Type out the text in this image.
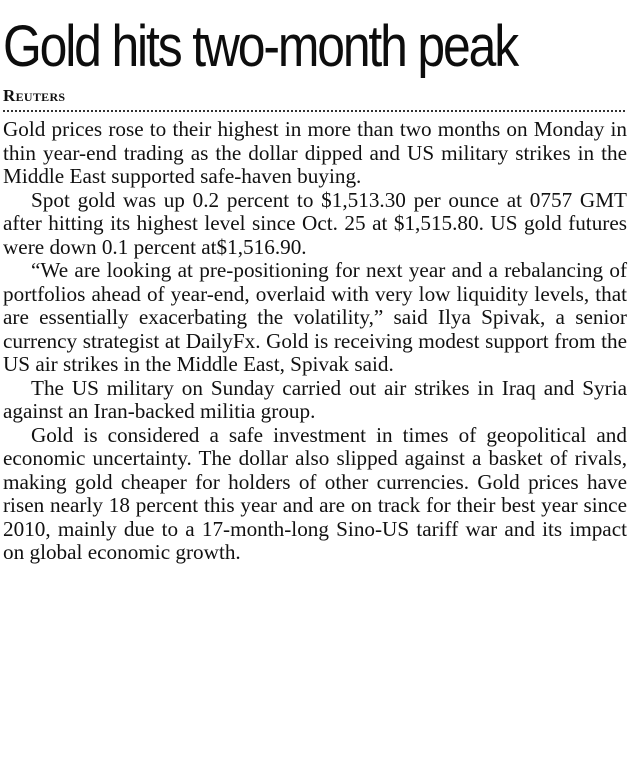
Gold hits two-month peak
Reuters

Gold prices rose to their highest in more than two months on Monday in thin year-end trading as the dollar dipped and US military strikes in the Middle East supported safe-haven buying.

Spot gold was up 0.2 percent to $1,513.30 per ounce at 0757 GMT after hitting its highest level since Oct. 25 at $1,515.80. US gold futures were down 0.1 percent at$1,516.90.

“We are looking at pre-positioning for next year and a rebalancing of portfolios ahead of year-end, overlaid with very low liquidity levels, that are essentially exacerbating the volatility,” said Ilya Spivak, a senior currency strategist at DailyFx. Gold is receiving modest support from the US air strikes in the Middle East, Spivak said.

The US military on Sunday carried out air strikes in Iraq and Syria against an Iran-backed militia group.

Gold is considered a safe investment in times of geopolitical and economic uncertainty. The dollar also slipped against a basket of rivals, making gold cheaper for holders of other currencies. Gold prices have risen nearly 18 percent this year and are on track for their best year since 2010, mainly due to a 17-month-long Sino-US tariff war and its impact on global economic growth.
